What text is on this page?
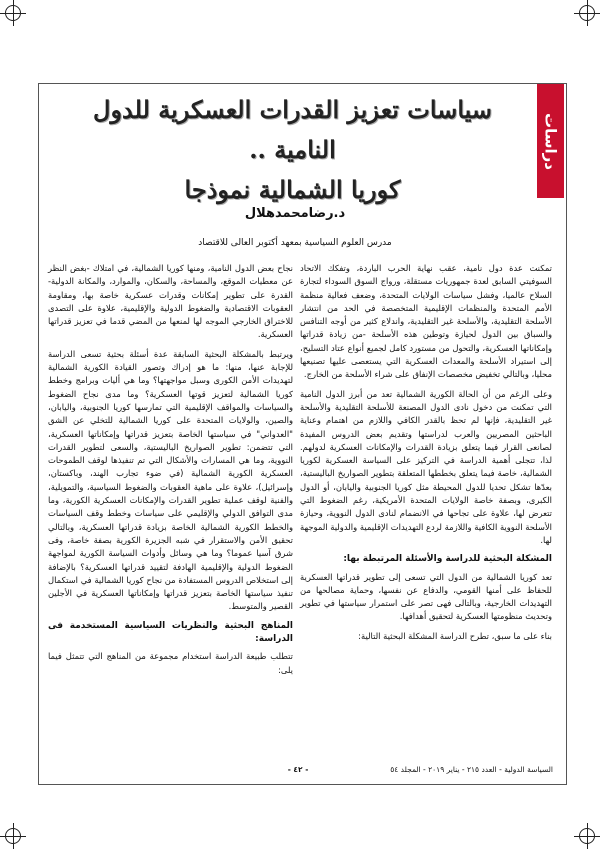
دراسات
سياسات تعزيز القدرات العسكرية للدول النامية ..
كوريا الشمالية نموذجا
د.رضامحمدهلال
مدرس العلوم السياسية بمعهد أكتوبر العالى للاقتصاد

تمكنت عدة دول نامية، عقب نهاية الحرب الباردة، وتفكك الاتحاد السوفيتي السابق لعدة جمهوريات مستقلة، ورواج السوق السوداء لتجارة السلاح عالميا، وفشل سياسات الولايات المتحدة، وضعف فعالية منظمة الأمم المتحدة والمنظمات الإقليمية المتخصصة في الحد من انتشار الأسلحة التقليدية، والأسلحة غير التقليدية، واندلاع كثير من أوجه التنافس والسباق بين الدول لحيازة وتوطين هذه الأسلحة -من زيادة قدراتها وإمكاناتها العسكرية، والتحول من مستورد كامل لجميع أنواع عتاد التسليح، إلى استيراد الأسلحة والمعدات العسكرية التي يستعصى عليها تصنيعها محليا، وبالتالي تخفيض مخصصات الإنفاق على شراء الأسلحة من الخارج.

وعلى الرغم من أن الحالة الكورية الشمالية تعد من أبرز الدول النامية التي تمكنت من دخول نادى الدول المصنعة للأسلحة التقليدية والأسلحة غير التقليدية، فإنها لم تحظ بالقدر الكافي واللازم من اهتمام وعناية الباحثين المصريين والعرب لدراستها وتقديم بعض الدروس المفيدة لصانعى القرار فيما يتعلق بزيادة القدرات والإمكانات العسكرية لدولهم. لذا، تتجلى أهمية الدراسة في التركيز على السياسة العسكرية لكوريا الشمالية، خاصة فيما يتعلق بخططها المتعلقة بتطوير الصواريخ الباليستية، بعدّها تشكل تحديا للدول المحيطة مثل كوريا الجنوبية واليابان، أو الدول الكبرى، وبصفة خاصة الولايات المتحدة الأمريكية، رغم الضغوط التي تتعرض لها، علاوة على تجاحها في الانضمام لنادى الدول النووية، وحيازة الأسلحة النووية الكافية واللازمة لردع التهديدات الإقليمية والدولية الموجهة لها.

المشكلة البحثية للدراسة والأسئلة المرتبطة بها:

تعد كوريا الشمالية من الدول التي تسعى إلى تطوير قدراتها العسكرية للحفاظ على أمنها القومي، والدفاع عن نفسها، وحماية مصالحها من التهديدات الخارجية، وبالتالى فهى تصر على استمرار سياستها في تطوير وتحديث منظومتها العسكرية لتحقيق أهدافها.

بناء على ما سبق، تطرح الدراسة المشكلة البحثية التالية:

نجاح بعض الدول النامية، ومنها كوريا الشمالية، في امتلاك -بغض النظر عن معطيات الموقع، والمساحة، والسكان، والموارد، والمكانة الدولية- القدرة على تطوير إمكانات وقدرات عسكرية خاصة بها، ومقاومة العقوبات الاقتصادية والضغوط الدولية والإقليمية، علاوة على التصدى للاختراق الخارجي الموجه لها لمنعها من المضي قدما في تعزيز قدراتها العسكرية.

ويرتبط بالمشكلة البحثية السابقة عدة أسئلة بحثية تسعى الدراسة للإجابة عنها، منها: ما هو إدراك وتصور القيادة الكورية الشمالية لتهديدات الأمن الكورى وسبل مواجهتها؟ وما هي أليات وبرامج وخطط كوريا الشمالية لتعزيز قوتها العسكرية؟ وما مدى نجاح الضغوط والسياسات والمواقف الإقليمية التي تمارسها كوريا الجنوبية، واليابان، والصين، والولايات المتحدة على كوريا الشمالية للتخلي عن الشق "العدواني" في سياستها الخاصة بتعزيز قدراتها وإمكاناتها العسكرية، التي تتضمن: تطوير الصواريخ الباليستية، والسعى لتطوير القدرات النووية، وما هي المسارات والأشكال التي تم تنفيذها لوقف الطموحات العسكرية الكورية الشمالية (في ضوء تجارب الهند، وباكستان، وإسرائيل)، علاوة على ماهية العقوبات والضغوط السياسية، والتمويلية، والفنية لوقف عملية تطوير القدرات والإمكانات العسكرية الكورية، وما مدى التوافق الدولي والإقليمي على سياسات وخطط وقف السياسات والخطط الكورية الشمالية الخاصة بزيادة قدراتها العسكرية، وبالتالي تحقيق الأمن والاستقرار في شبه الجزيرة الكورية بصفة خاصة، وفى شرق آسيا عموما؟ وما هي وسائل وأدوات السياسة الكورية لمواجهة الضغوط الدولية والإقليمية الهادفة لتقييد قدراتها العسكرية؟ بالإضافة إلى استخلاص الدروس المستفادة من نجاح كوريا الشمالية في استكمال تنفيذ سياستها الخاصة بتعزيز قدراتها وإمكاناتها العسكرية في الأجلين القصير والمتوسط.

المناهج البحثية والنظريات السياسية المستخدمة فى الدراسة:

تتطلب طبيعة الدراسة استخدام مجموعة من المناهج التي تتمثل فيما يلى:

السياسة الدولية - العدد ٢١٥ - يناير ٢٠١٩ - المجلد ٥٤
- ٤٢ -
